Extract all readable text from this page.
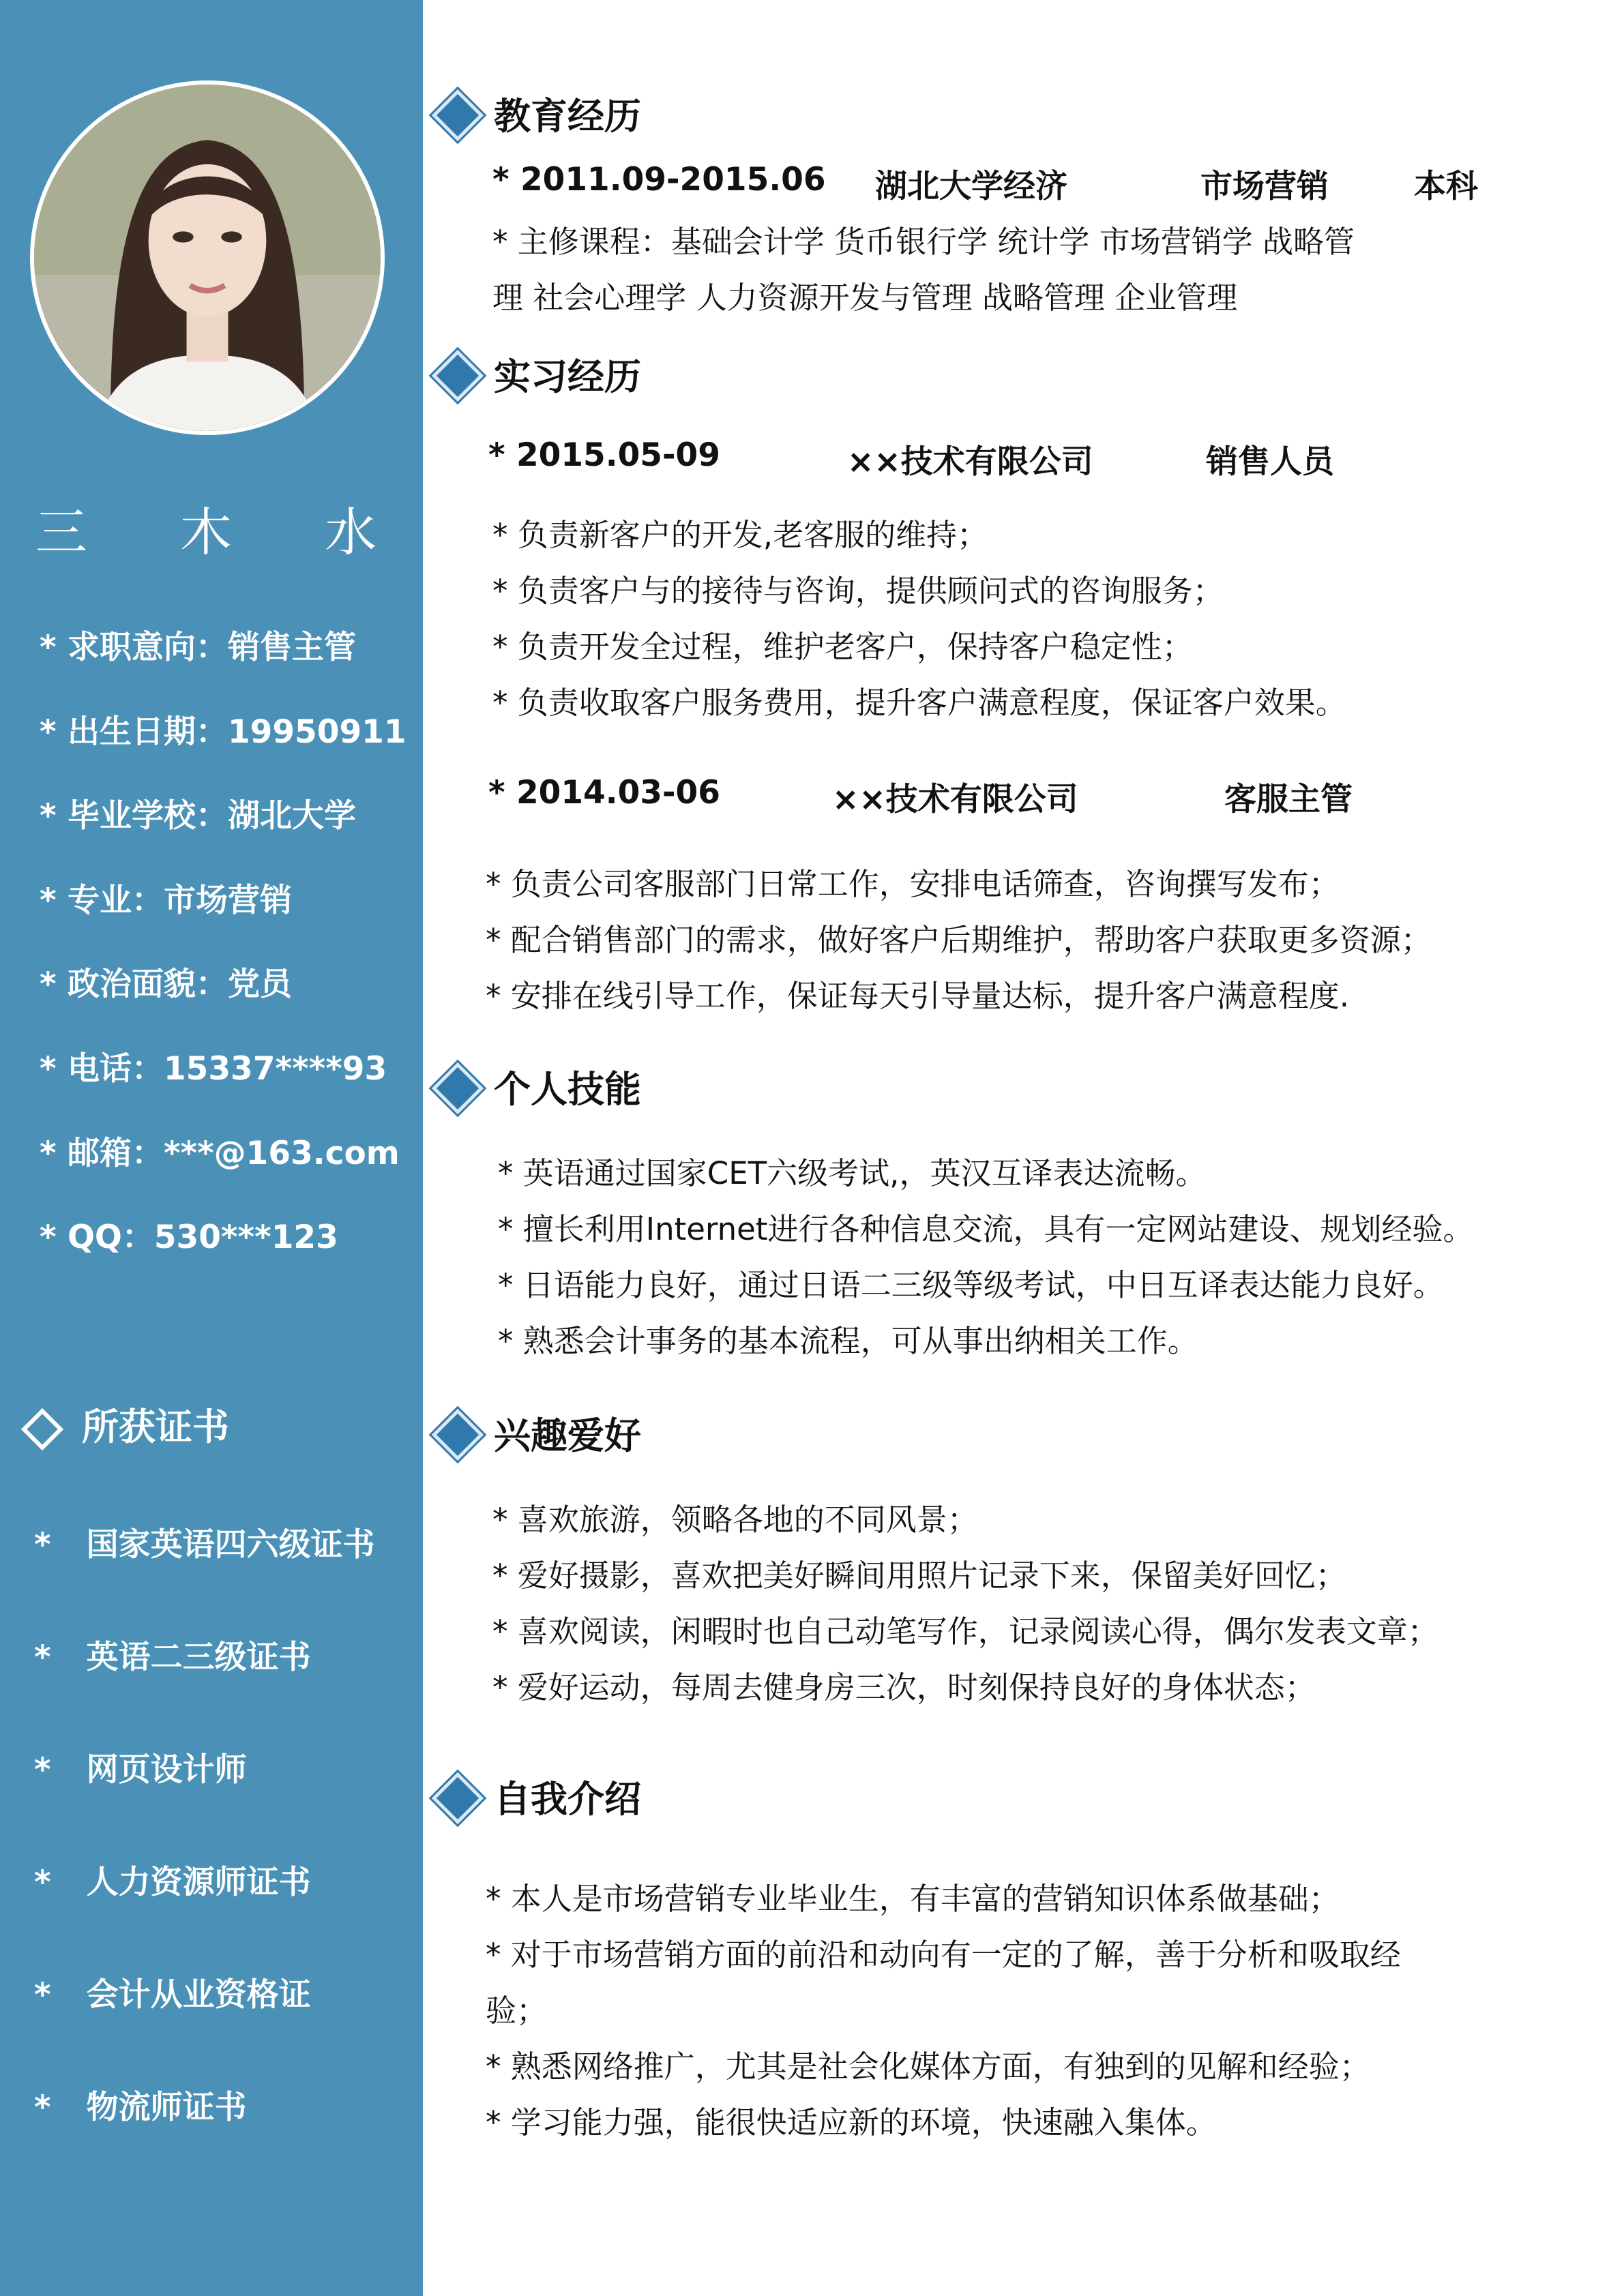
三 木 水
* 求职意向：销售主管
* 出生日期：19950911
* 毕业学校：湖北大学
* 专业：市场营销
* 政治面貌：党员
* 电话：15337****93
* 邮箱：***@163.com
* QQ：530***123
所获证书
* 国家英语四六级证书
* 英语二三级证书
* 网页设计师
* 人力资源师证书
* 会计从业资格证
* 物流师证书
教育经历
* 2011.09-2015.06 湖北大学经济	市场营销	本科
* 主修课程：基础会计学 货币银行学 统计学 市场营销学 战略管
理 社会心理学 人力资源开发与管理 战略管理 企业管理
实习经历
* 2015.05-09	××技术有限公司	销售人员
* 负责新客户的开发,老客服的维持；
* 负责客户与的接待与咨询，提供顾问式的咨询服务；
* 负责开发全过程，维护老客户，保持客户稳定性；
* 负责收取客户服务费用，提升客户满意程度，保证客户效果。
* 2014.03-06	××技术有限公司	客服主管
* 负责公司客服部门日常工作，安排电话筛查，咨询撰写发布；
* 配合销售部门的需求，做好客户后期维护，帮助客户获取更多资源；
* 安排在线引导工作，保证每天引导量达标，提升客户满意程度.
个人技能
* 英语通过国家CET六级考试,，英汉互译表达流畅。
* 擅长利用Internet进行各种信息交流，具有一定网站建设、规划经验。
* 日语能力良好，通过日语二三级等级考试，中日互译表达能力良好。
* 熟悉会计事务的基本流程，可从事出纳相关工作。
兴趣爱好
* 喜欢旅游，领略各地的不同风景；
* 爱好摄影，喜欢把美好瞬间用照片记录下来，保留美好回忆；
* 喜欢阅读，闲暇时也自己动笔写作，记录阅读心得，偶尔发表文章；
* 爱好运动，每周去健身房三次，时刻保持良好的身体状态；
自我介绍
* 本人是市场营销专业毕业生，有丰富的营销知识体系做基础；
* 对于市场营销方面的前沿和动向有一定的了解，善于分析和吸取经
验；
* 熟悉网络推广，尤其是社会化媒体方面，有独到的见解和经验；
* 学习能力强，能很快适应新的环境，快速融入集体。
